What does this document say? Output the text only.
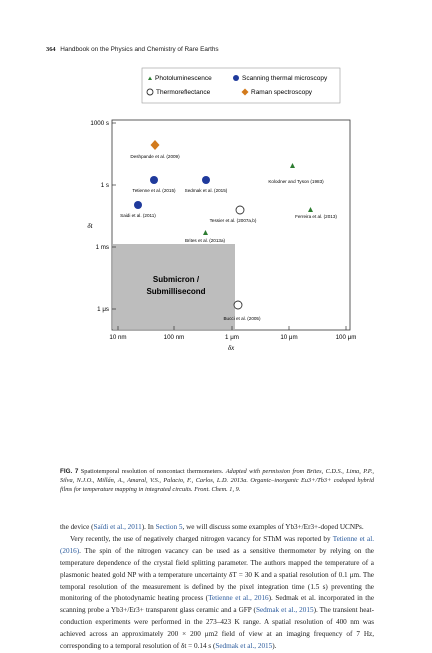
364 Handbook on the Physics and Chemistry of Rare Earths
Photoluminescence	Scanning thermal microscopy
Thermoreflectance	Raman spectroscopy
Submicron /
Submillisecond
1000 s
1 s
1 ms
1 μs
δt
10 nm	100 nm	1 μm	10 μm	100 μm
δx
Deshpande et al. (2009)
Tetienne et al. (2015) Sedmak et al. (2015)
Kolodner and Tyson (1983)
Saidi et al. (2011)
Tessier et al. (2007a,b)
Ferreira et al. (2013)
Brites et al. (2013a)
Bucci et al. (2005)
FIG. 7 Spatiotemporal resolution of noncontact thermometers. Adapted with permission from Brites, C.D.S., Lima, P.P., Silva, N.J.O., Millán, A., Amaral, V.S., Palacio, F., Carlos, L.D. 2013a. Organic–inorganic Eu3+/Tb3+ codoped hybrid films for temperature mapping in integrated circuits. Front. Chem. 1, 9.

the device (Saïdi et al., 2011). In Section 5, we will discuss some examples of Yb3+/Er3+-doped UCNPs.

Very recently, the use of negatively charged nitrogen vacancy for SThM was reported by Tetienne et al. (2016). The spin of the nitrogen vacancy can be used as a sensitive thermometer by relying on the temperature dependence of the crystal field splitting parameter. The authors mapped the temperature of a plasmonic heated gold NP with a temperature uncertainty δT = 30 K and a spatial resolution of 0.1 μm. The temporal resolution of the measurement is defined by the pixel integration time (1.5 s) preventing the monitoring of the photodynamic heating process (Tetienne et al., 2016). Sedmak et al. incorporated in the scanning probe a Yb3+/Er3+ transparent glass ceramic and a GFP (Sedmak et al., 2015). The transient heat-conduction experiments were performed in the 273–423 K range. A spatial resolution of 400 nm was achieved across an approximately 200 × 200 μm2 field of view at an imaging frequency of 7 Hz, corresponding to a temporal resolution of δt = 0.14 s (Sedmak et al., 2015).
